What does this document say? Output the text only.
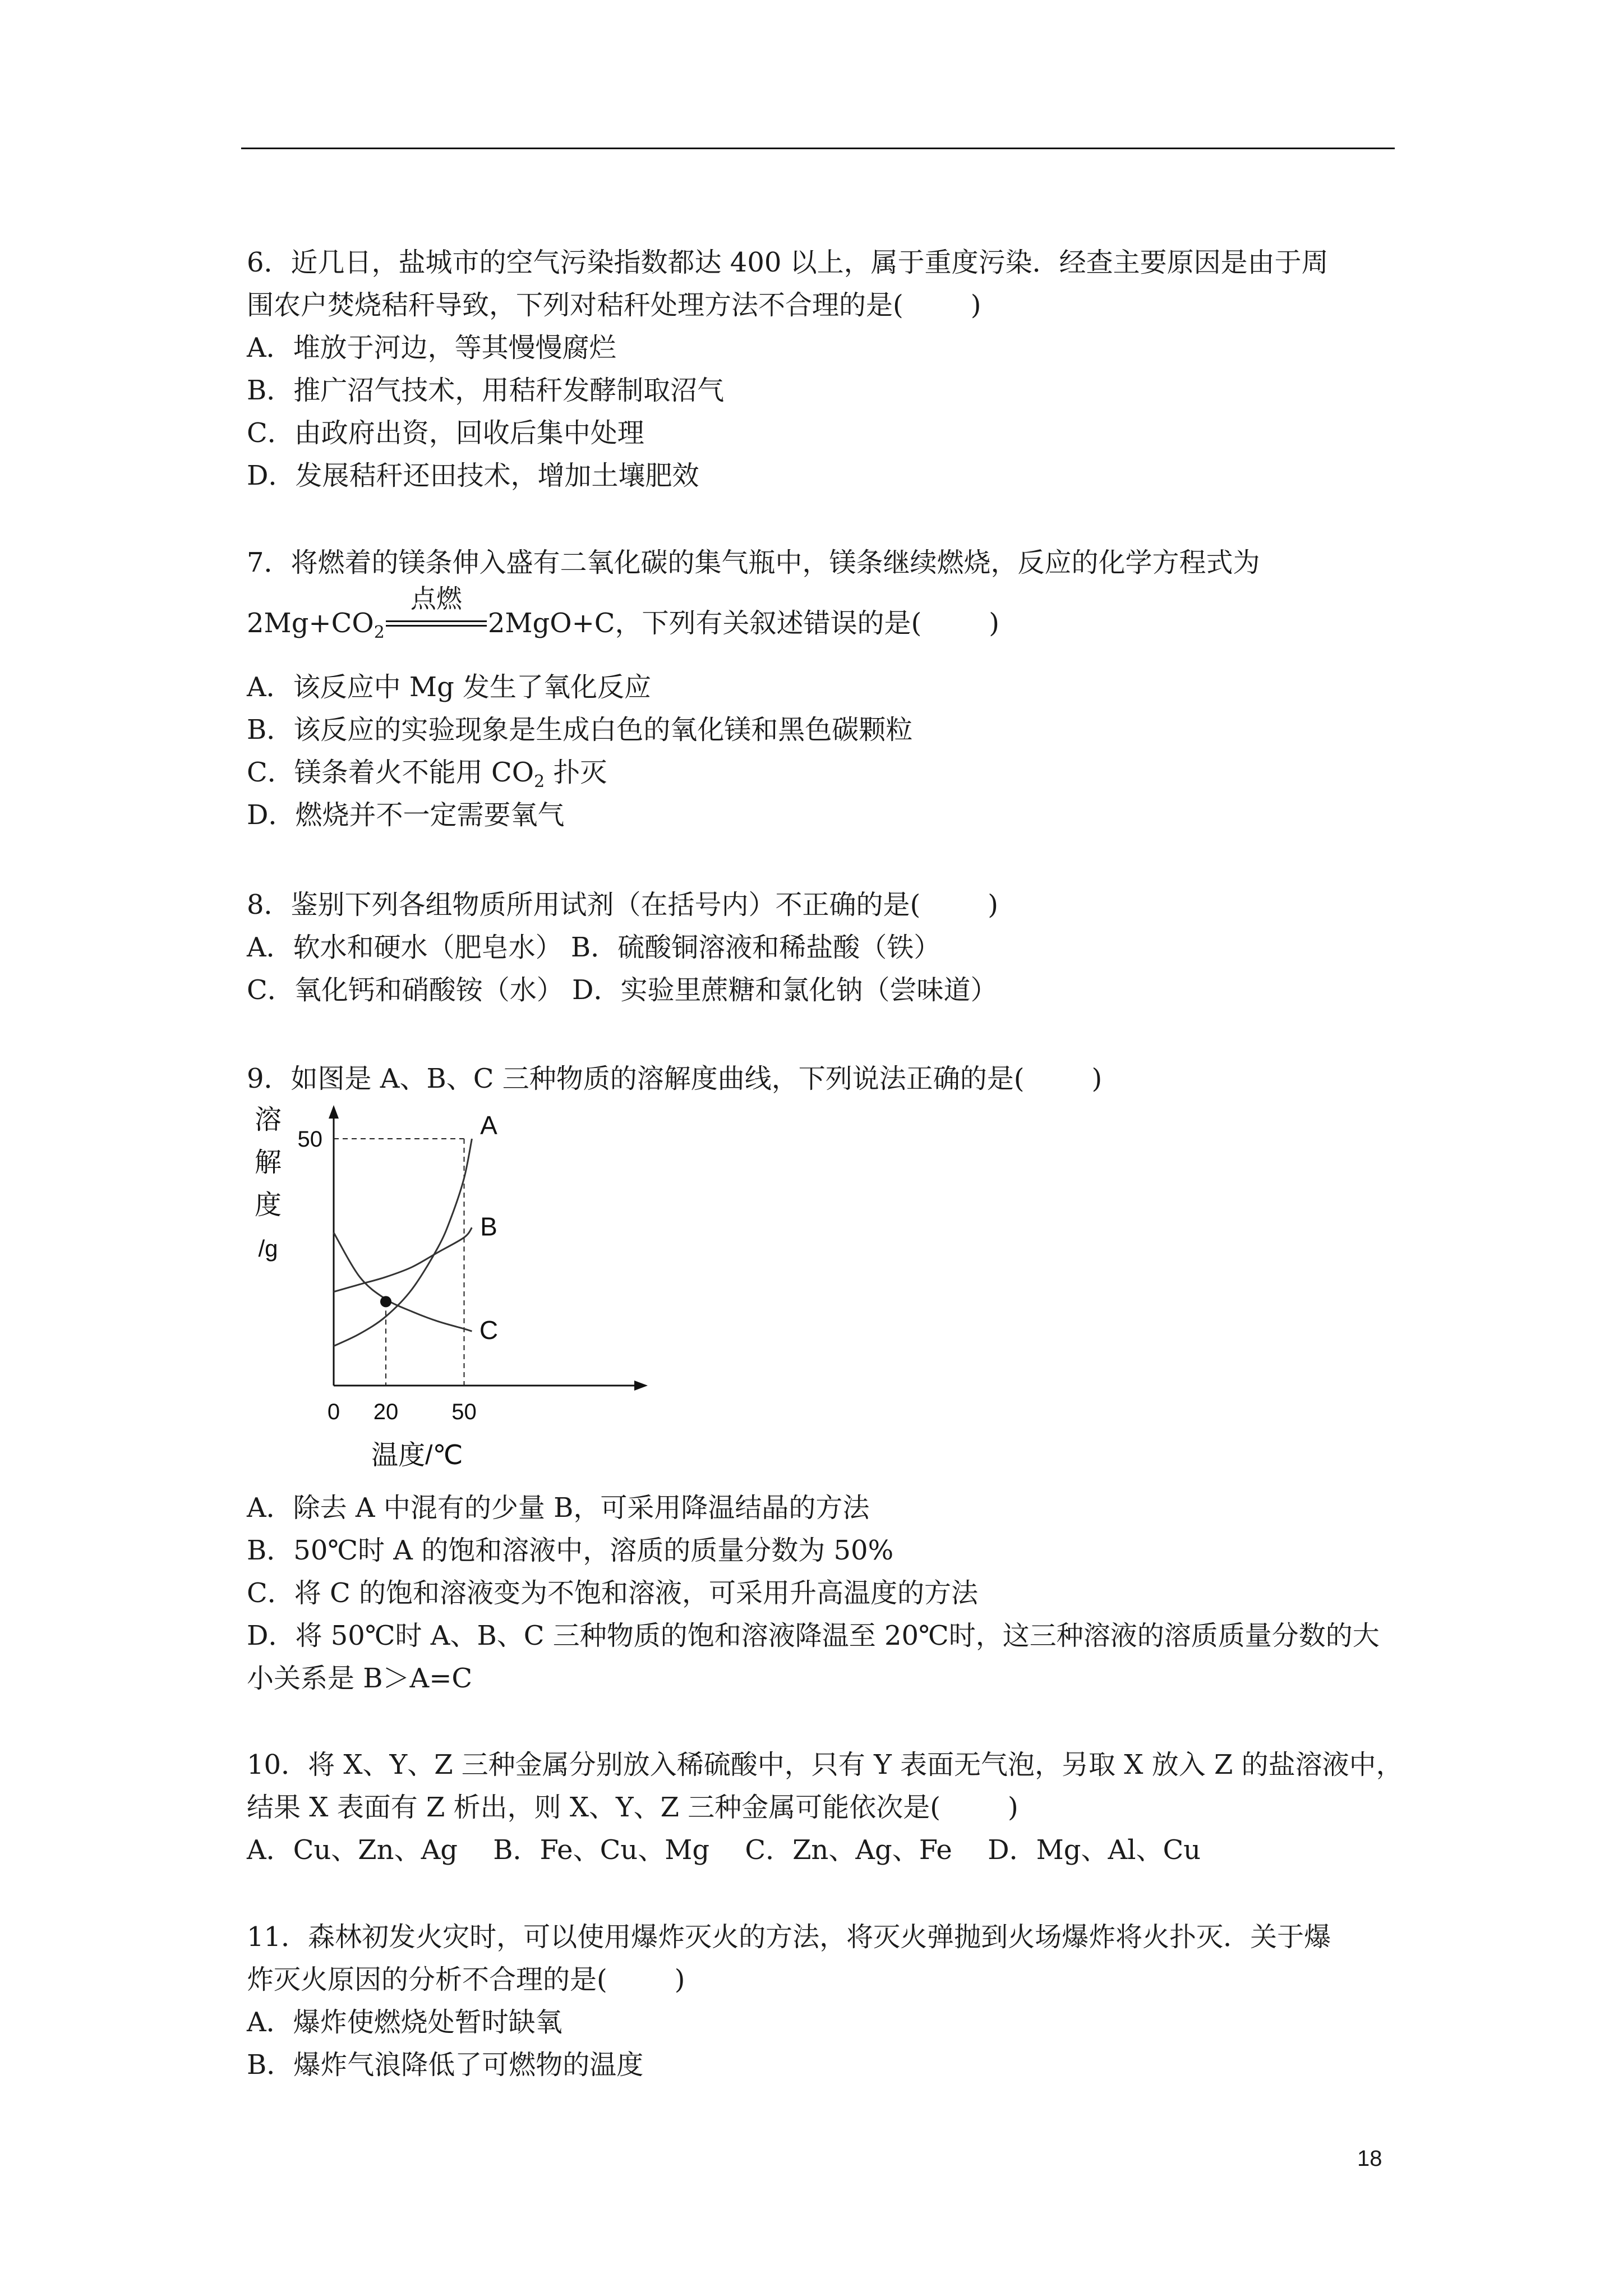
6．近几日，盐城市的空气污染指数都达 400 以上，属于重度污染．经查主要原因是由于周
围农户焚烧秸秆导致，下列对秸秆处理方法不合理的是(	)
A．堆放于河边，等其慢慢腐烂
B．推广沼气技术，用秸秆发酵制取沼气
C．由政府出资，回收后集中处理
D．发展秸秆还田技术，增加土壤肥效
7．将燃着的镁条伸入盛有二氧化碳的集气瓶中，镁条继续燃烧，反应的化学方程式为
$2Mg+CO_2$
点燃
2MgO+C，下列有关叙述错误的是(	)
A．该反应中 Mg 发生了氧化反应
B．该反应的实验现象是生成白色的氧化镁和黑色碳颗粒
C．镁条着火不能用 $CO_2$ 扑灭
D．燃烧并不一定需要氧气
8．鉴别下列各组物质所用试剂（在括号内）不正确的是(	)
A．软水和硬水（肥皂水） B．硫酸铜溶液和稀盐酸（铁）
C．氧化钙和硝酸铵（水） D．实验里蔗糖和氯化钠（尝味道）
9．如图是 A、B、C 三种物质的溶解度曲线，下列说法正确的是(	)
A
B
C
0 20 50
50
溶
解
度
/g
温度/℃
A．除去 A 中混有的少量 B，可采用降温结晶的方法
B．50℃时 A 的饱和溶液中，溶质的质量分数为 50%
C．将 C 的饱和溶液变为不饱和溶液，可采用升高温度的方法
D．将 50℃时 A、B、C 三种物质的饱和溶液降温至 20℃时，这三种溶液的溶质质量分数的大
小关系是 B＞A=C
10．将 X、Y、Z 三种金属分别放入稀硫酸中，只有 Y 表面无气泡，另取 X 放入 Z 的盐溶液中，
结果 X 表面有 Z 析出，则 X、Y、Z 三种金属可能依次是(	)
A．Cu、Zn、Ag　 B．Fe、Cu、Mg　 C．Zn、Ag、Fe　 D．Mg、Al、Cu
11．森林初发火灾时，可以使用爆炸灭火的方法，将灭火弹抛到火场爆炸将火扑灭．关于爆
炸灭火原因的分析不合理的是(	)
A．爆炸使燃烧处暂时缺氧
B．爆炸气浪降低了可燃物的温度
18
